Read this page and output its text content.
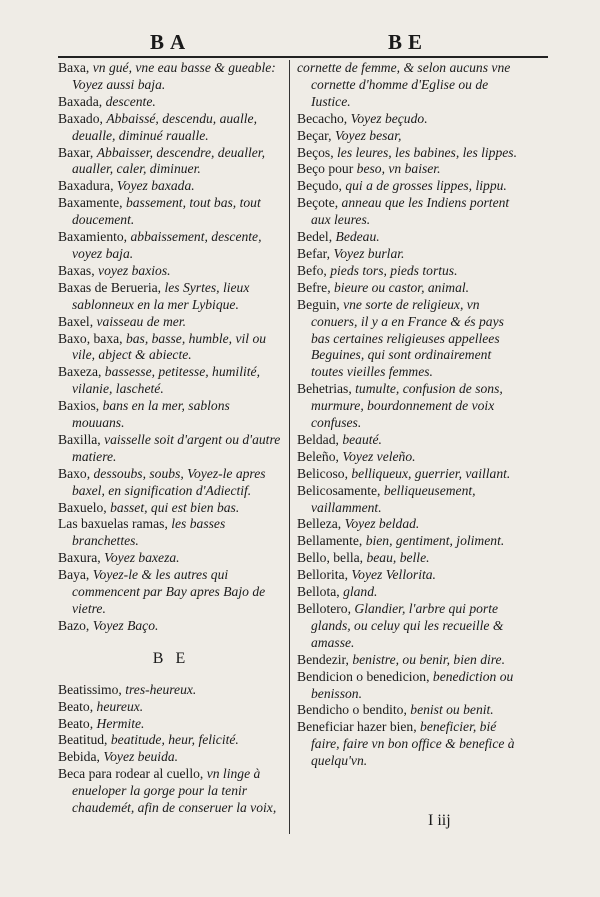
BA	BE

Baxa, vn gué, vne eau basse & gueable: Voyez aussi baja.

Baxada, descente.

Baxado, Abbaissé, descendu, aualle, deualle, diminué raualle.

Baxar, Abbaisser, descendre, deualler, aualler, caler, diminuer.

Baxadura, Voyez baxada.

Baxamente, bassement, tout bas, tout doucement.

Baxamiento, abbaissement, descente, voyez baja.

Baxas, voyez baxios.

Baxas de Berueria, les Syrtes, lieux sablonneux en la mer Lybique.

Baxel, vaisseau de mer.

Baxo, baxa, bas, basse, humble, vil ou vile, abject & abiecte.

Baxeza, bassesse, petitesse, humilité, vilanie, lascheté.

Baxios, bans en la mer, sablons mouuans.

Baxilla, vaisselle soit d'argent ou d'autre matiere.

Baxo, dessoubs, soubs, Voyez-le apres baxel, en signification d'Adiectif.

Baxuelo, basset, qui est bien bas.

Las baxuelas ramas, les basses branchettes.

Baxura, Voyez baxeza.

Baya, Voyez-le & les autres qui commencent par Bay apres Bajo de vietre.

Bazo, Voyez Baço.

B E

Beatissimo, tres-heureux.

Beato, heureux.

Beato, Hermite.

Beatitud, beatitude, heur, felicité.

Bebida, Voyez beuida.

Beca para rodear al cuello, vn linge à enueloper la gorge pour la tenir chaudemét, afin de conseruer la voix,

cornette de femme, & selon aucuns vne cornette d'homme d'Eglise ou de Iustice.

Becacho, Voyez beçudo.

Beçar, Voyez besar,

Beços, les leures, les babines, les lippes.

Beço pour beso, vn baiser.

Beçudo, qui a de grosses lippes, lippu.

Beçote, anneau que les Indiens portent aux leures.

Bedel, Bedeau.

Befar, Voyez burlar.

Befo, pieds tors, pieds tortus.

Befre, bieure ou castor, animal.

Beguin, vne sorte de religieux, vn conuers, il y a en France & és pays bas certaines religieuses appellees Beguines, qui sont ordinairement toutes vieilles femmes.

Behetrias, tumulte, confusion de sons, murmure, bourdonnement de voix confuses.

Beldad, beauté.

Beleño, Voyez veleño.

Belicoso, belliqueux, guerrier, vaillant.

Belicosamente, belliqueusement, vaillamment.

Belleza, Voyez beldad.

Bellamente, bien, gentiment, joliment.

Bello, bella, beau, belle.

Bellorita, Voyez Vellorita.

Bellota, gland.

Bellotero, Glandier, l'arbre qui porte glands, ou celuy qui les recueille & amasse.

Bendezir, benistre, ou benir, bien dire.

Bendicion o benedicion, benediction ou benisson.

Bendicho o bendito, benist ou benit.

Beneficiar hazer bien, beneficier, bié faire, faire vn bon office & benefice à quelqu'vn.

I iij
